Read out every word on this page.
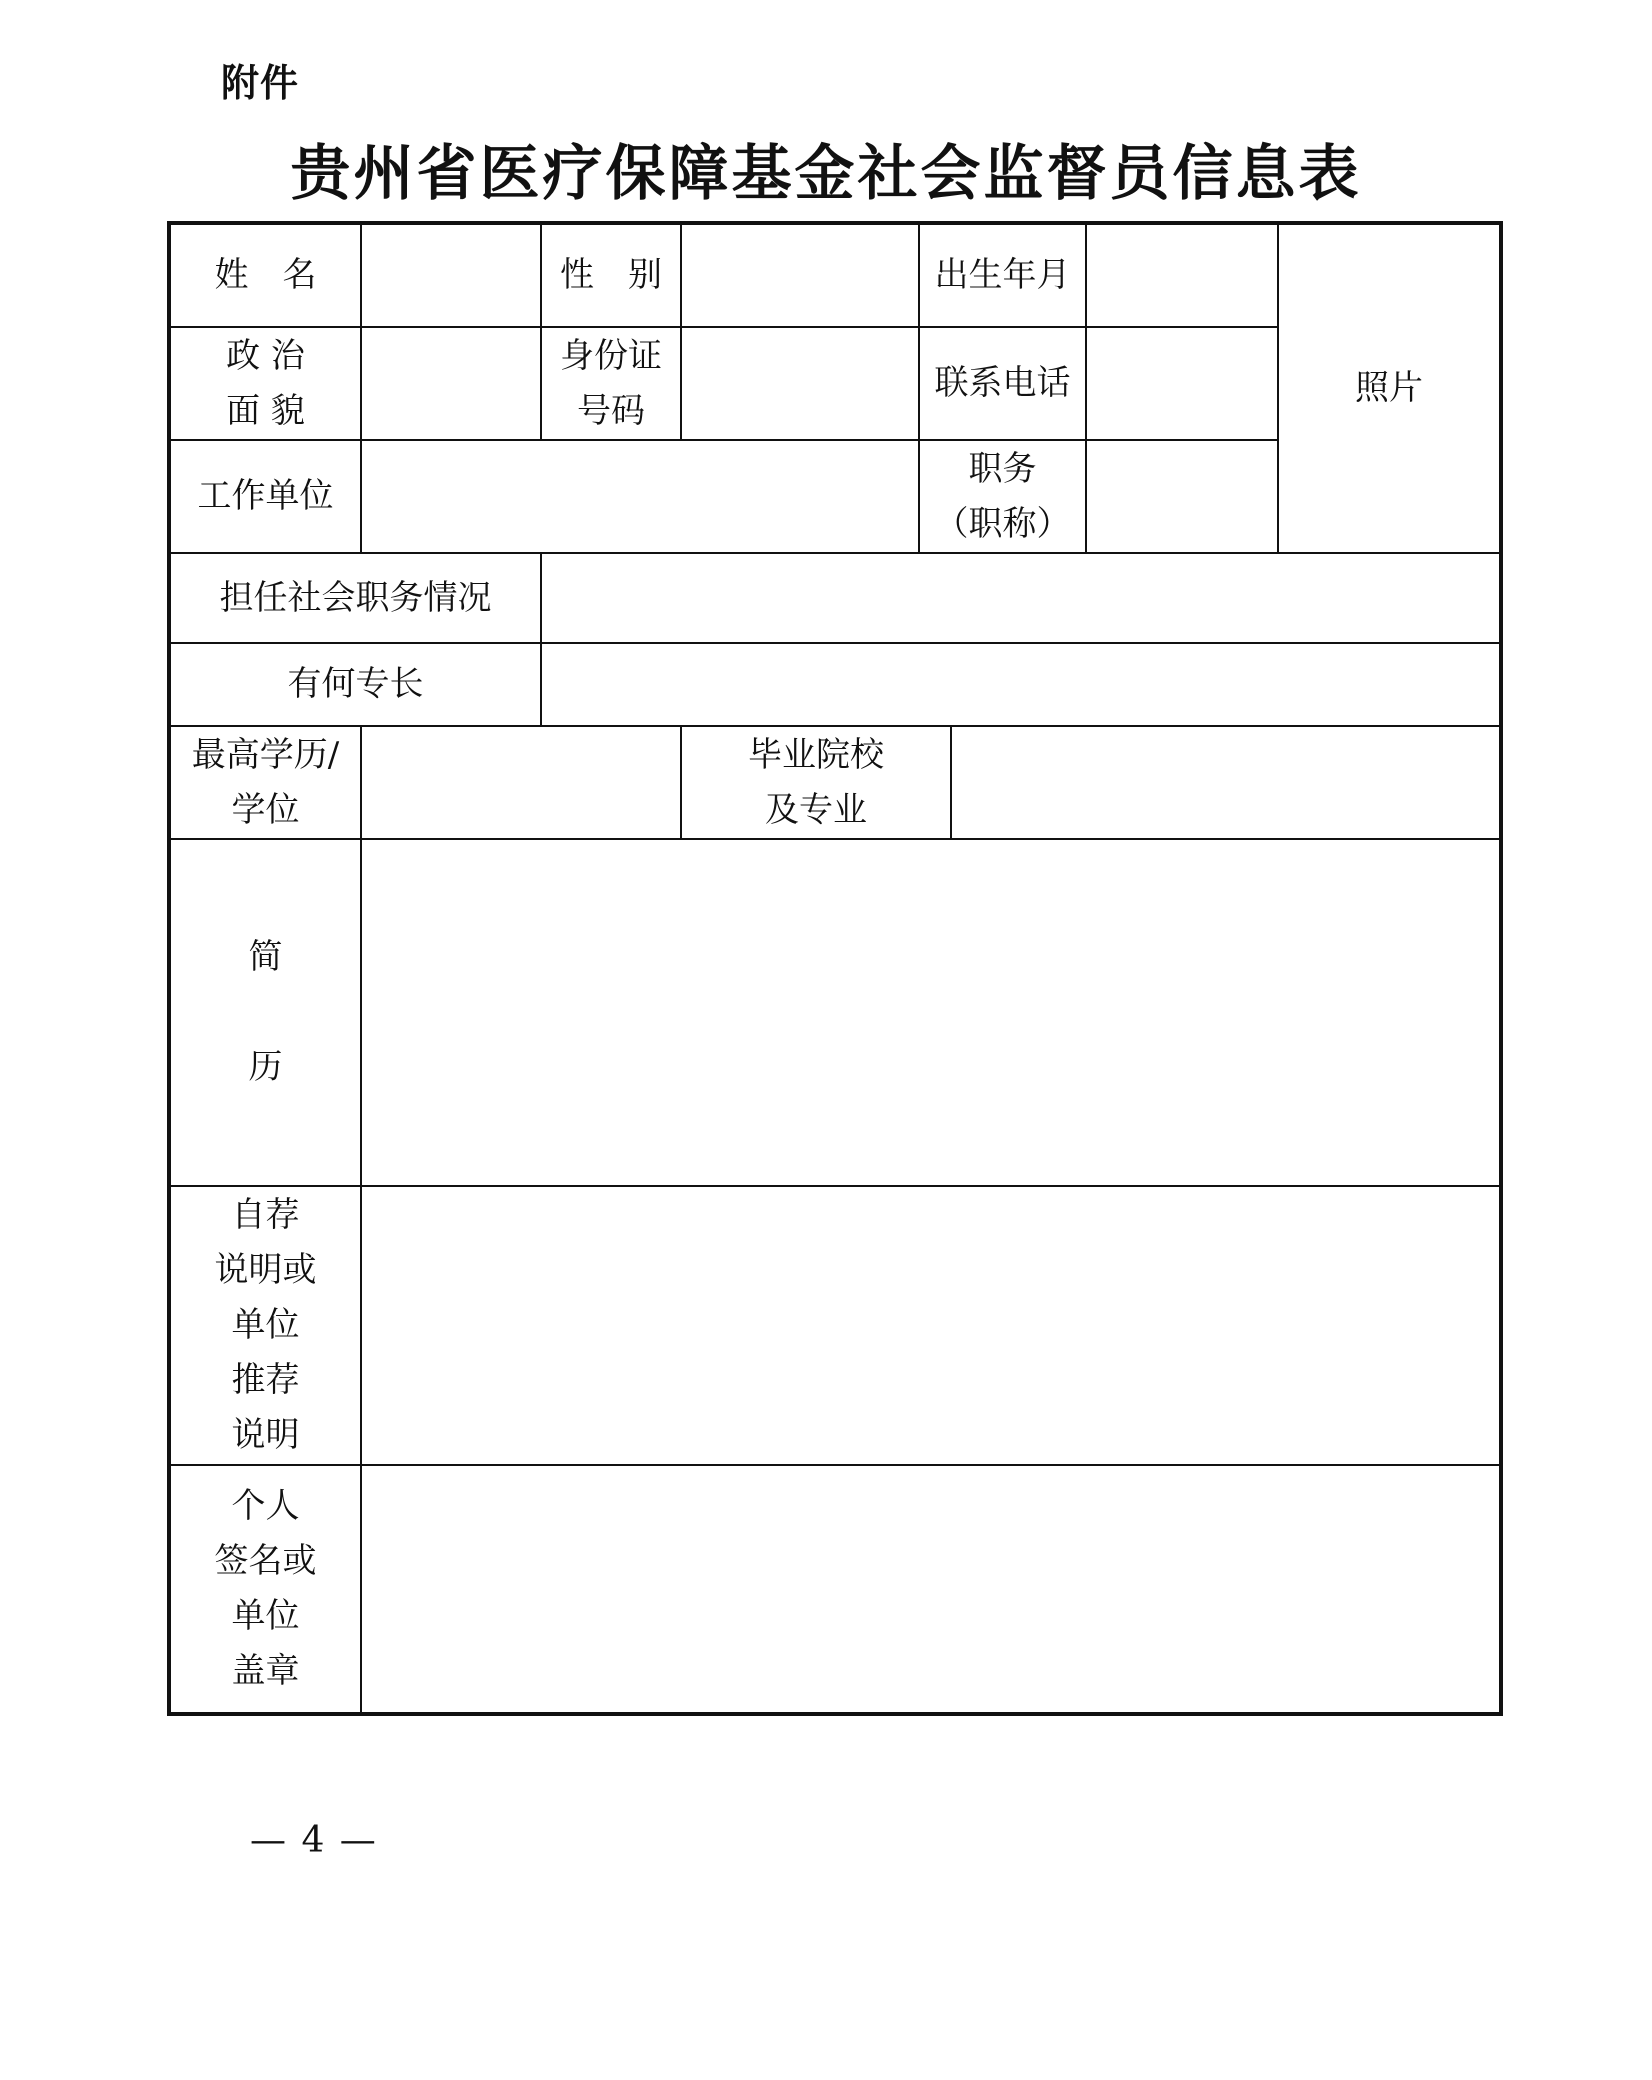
附件
贵州省医疗保障基金社会监督员信息表
姓　名	性　别	出生年月
照片
政 治
面 貌
身份证
号码
联系电话
工作单位
职务
（职称）
担任社会职务情况
有何专长
最高学历/
学位
毕业院校
及专业
简

历
自荐
说明或
单位
推荐
说明
个人
签名或
单位
盖章
— 4 —
